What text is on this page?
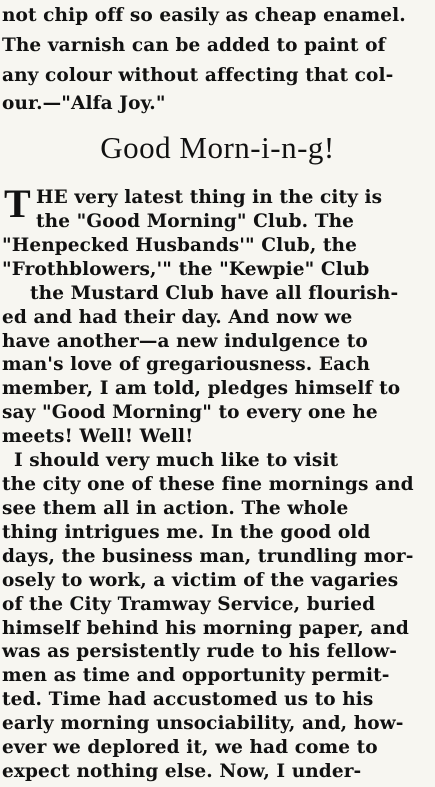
not chip off so easily as cheap enamel.
The varnish can be added to paint of
any colour without affecting that col-
our.—"Alfa Joy."
Good Morn-i-n-g!
T HE very latest thing in the city is
the "Good Morning" Club. The
"Henpecked Husbands'" Club, the
"Frothblowers,'" the "Kewpie" Club
the Mustard Club have all flourish-
ed and had their day. And now we
have another—a new indulgence to
man's love of gregariousness. Each
member, I am told, pledges himself to
say "Good Morning" to every one he
meets! Well! Well!
I should very much like to visit
the city one of these fine mornings and
see them all in action. The whole
thing intrigues me. In the good old
days, the business man, trundling mor-
osely to work, a victim of the vagaries
of the City Tramway Service, buried
himself behind his morning paper, and
was as persistently rude to his fellow-
men as time and opportunity permit-
ted. Time had accustomed us to his
early morning unsociability, and, how-
ever we deplored it, we had come to
expect nothing else. Now, I under-
